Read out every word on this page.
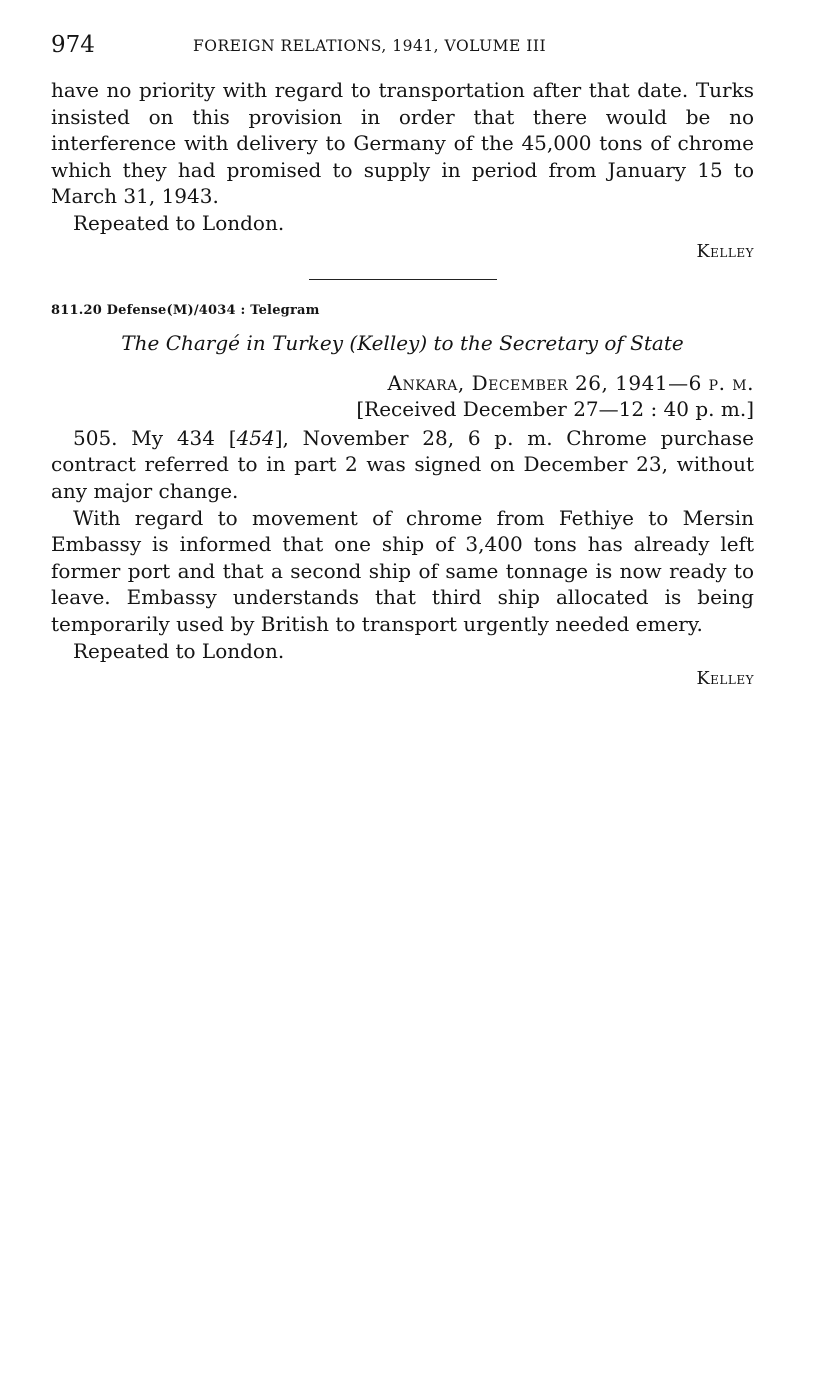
974	FOREIGN RELATIONS, 1941, VOLUME III

have no priority with regard to transportation after that date. Turks insisted on this provision in order that there would be no interference with delivery to Germany of the 45,000 tons of chrome which they had promised to supply in period from January 15 to March 31, 1943.

Repeated to London.

Kelley
811.20 Defense(M)/4034 : Telegram
The Chargé in Turkey (Kelley) to the Secretary of State
Ankara, December 26, 1941—6 p. m.
[Received December 27—12 : 40 p. m.]

505. My 434 [454], November 28, 6 p. m. Chrome purchase contract referred to in part 2 was signed on December 23, without any major change.

With regard to movement of chrome from Fethiye to Mersin Embassy is informed that one ship of 3,400 tons has already left former port and that a second ship of same tonnage is now ready to leave. Embassy understands that third ship allocated is being temporarily used by British to transport urgently needed emery.

Repeated to London.

Kelley
